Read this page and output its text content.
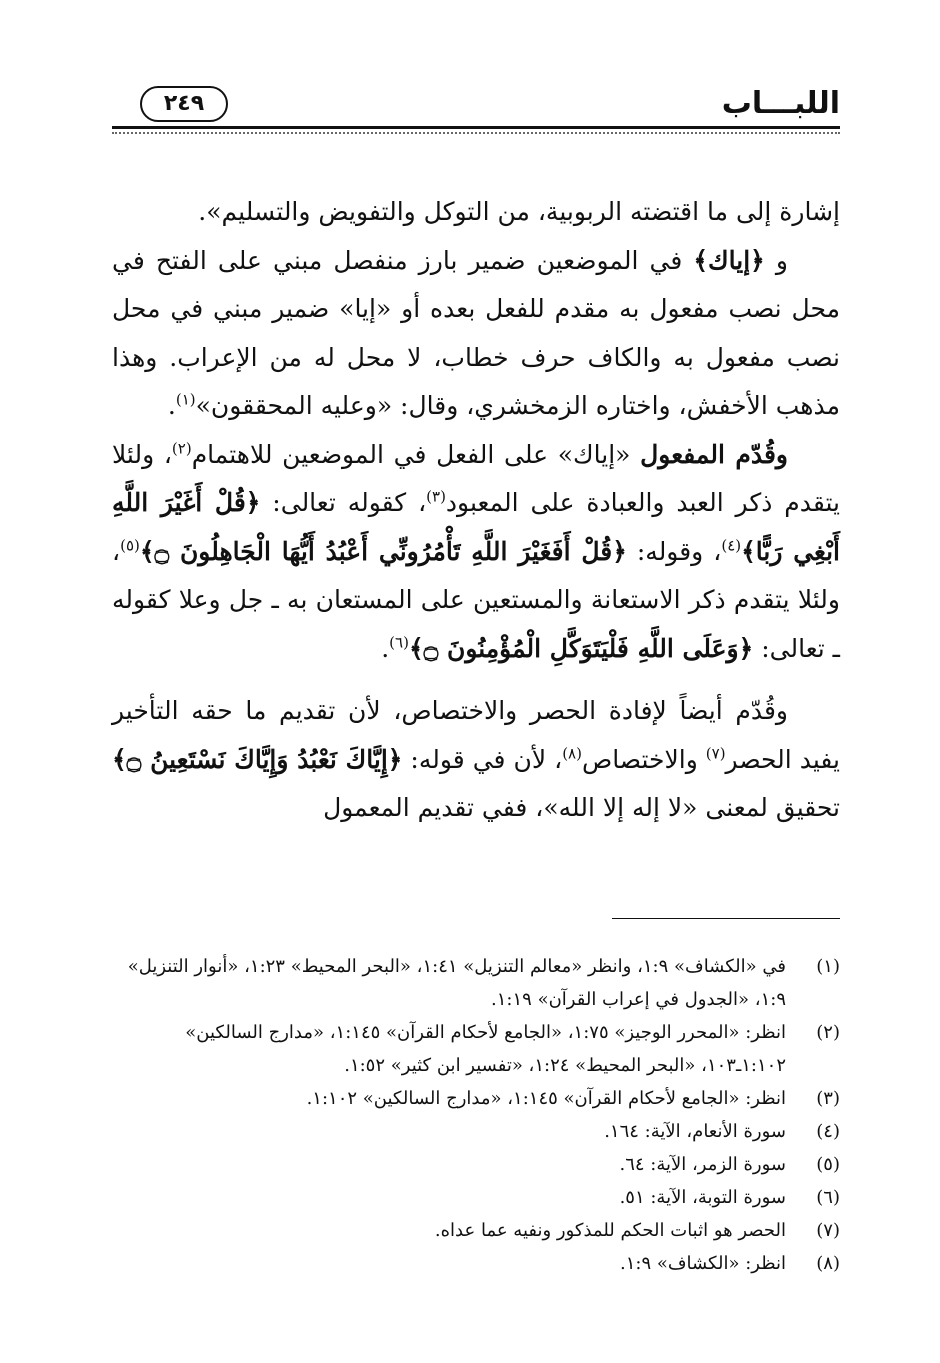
اللبـــاب
٢٤٩

إشارة إلى ما اقتضته الربوبية، من التوكل والتفويض والتسليم».

و ﴿إياك﴾ في الموضعين ضمير بارز منفصل مبني على الفتح في محل نصب مفعول به مقدم للفعل بعده أو «إيا» ضمير مبني في محل نصب مفعول به والكاف حرف خطاب، لا محل له من الإعراب. وهذا مذهب الأخفش، واختاره الزمخشري، وقال: «وعليه المحققون»$^{(١)}$.

وقُدّم المفعول «إياك» على الفعل في الموضعين للاهتمام$^{(٢)}$، ولئلا يتقدم ذكر العبد والعبادة على المعبود$^{(٣)}$، كقوله تعالى: ﴿قُلْ أَغَيْرَ اللَّهِ أَبْغِي رَبًّا﴾$^{(٤)}$، وقوله: ﴿قُلْ أَفَغَيْرَ اللَّهِ تَأْمُرُونِّي أَعْبُدُ أَيُّهَا الْجَاهِلُونَ ۝﴾$^{(٥)}$، ولئلا يتقدم ذكر الاستعانة والمستعين على المستعان به ـ جل وعلا كقوله ـ تعالى: ﴿وَعَلَى اللَّهِ فَلْيَتَوَكَّلِ الْمُؤْمِنُونَ ۝﴾$^{(٦)}$.

وقُدّم أيضاً لإفادة الحصر والاختصاص، لأن تقديم ما حقه التأخير يفيد الحصر$^{(٧)}$ والاختصاص$^{(٨)}$، لأن في قوله: ﴿إِيَّاكَ نَعْبُدُ وَإِيَّاكَ نَسْتَعِينُ ۝﴾ تحقيق لمعنى «لا إله إلا الله»، ففي تقديم المعمول

(١)
في «الكشاف» ١:٩، وانظر «معالم التنزيل» ١:٤١، «البحر المحيط» ١:٢٣، «أنوار التنزيل» ١:٩، «الجدول في إعراب القرآن» ١:١٩.
(٢)
انظر: «المحرر الوجيز» ١:٧٥، «الجامع لأحكام القرآن» ١:١٤٥، «مدارج السالكين» ١:١٠٢ـ١٠٣، «البحر المحيط» ١:٢٤، «تفسير ابن كثير» ١:٥٢.
(٣)
انظر: «الجامع لأحكام القرآن» ١:١٤٥، «مدارج السالكين» ١:١٠٢.
(٤)
سورة الأنعام، الآية: ١٦٤.
(٥)
سورة الزمر، الآية: ٦٤.
(٦)
سورة التوبة، الآية: ٥١.
(٧)
الحصر هو اثبات الحكم للمذكور ونفيه عما عداه.
(٨)
انظر: «الكشاف» ١:٩.
